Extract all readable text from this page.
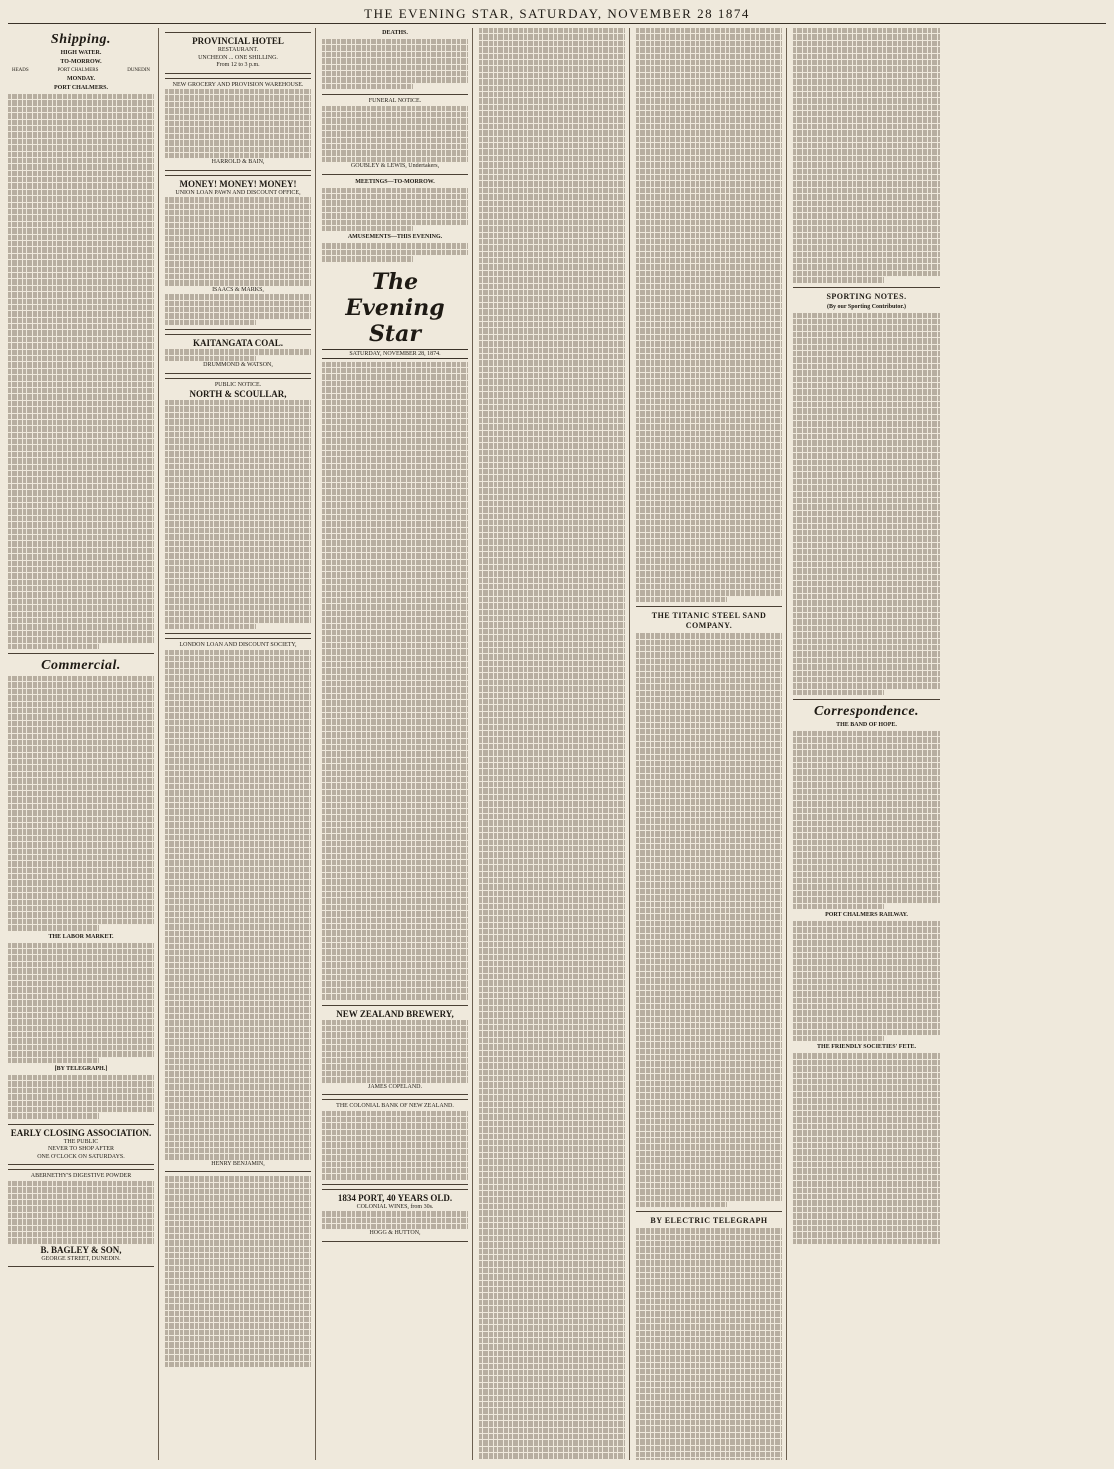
THE EVENING STAR, SATURDAY, NOVEMBER 28 1874
Shipping.
HIGH WATER.
TO-MORROW.
HEADS	PORT CHALMERS	DUNEDIN
MONDAY.
PORT CHALMERS.
Commercial.
THE LABOR MARKET.
[BY TELEGRAPH.]
EARLY CLOSING ASSOCIATION.
THE PUBLIC
NEVER TO SHOP AFTER
ONE O'CLOCK ON SATURDAYS.
ABERNETHY'S DIGESTIVE POWDER
B. BAGLEY & SON,
GEORGE STREET, DUNEDIN.
PROVINCIAL HOTEL
RESTAURANT.
UNCHEON ... ONE SHILLING.
From 12 to 3 p.m.
NEW GROCERY AND PROVISION WAREHOUSE.
HARROLD & BAIN,
MONEY! MONEY! MONEY!
UNION LOAN PAWN AND DISCOUNT OFFICE,
ISAACS & MARKS,
KAITANGATA COAL.
DRUMMOND & WATSON,
PUBLIC NOTICE.
NORTH & SCOULLAR,
LONDON LOAN AND DISCOUNT SOCIETY,
HENRY BENJAMIN,
DEATHS.
FUNERAL NOTICE.
GOUBLEY & LEWIS, Undertakers,
MEETINGS—TO-MORROW.
AMUSEMENTS—THIS EVENING.
The Evening Star
SATURDAY, NOVEMBER 28, 1874.
NEW ZEALAND BREWERY,
JAMES COPELAND.
THE COLONIAL BANK OF NEW ZEALAND.
1834 PORT, 40 YEARS OLD.
COLONIAL WINES, from 30s.
HOGG & HUTTON,
THE TITANIC STEEL SAND COMPANY.
BY ELECTRIC TELEGRAPH
SPORTING NOTES.
(By our Sporting Contributor.)
Correspondence.
THE BAND OF HOPE.
PORT CHALMERS RAILWAY.
THE FRIENDLY SOCIETIES' FETE.
